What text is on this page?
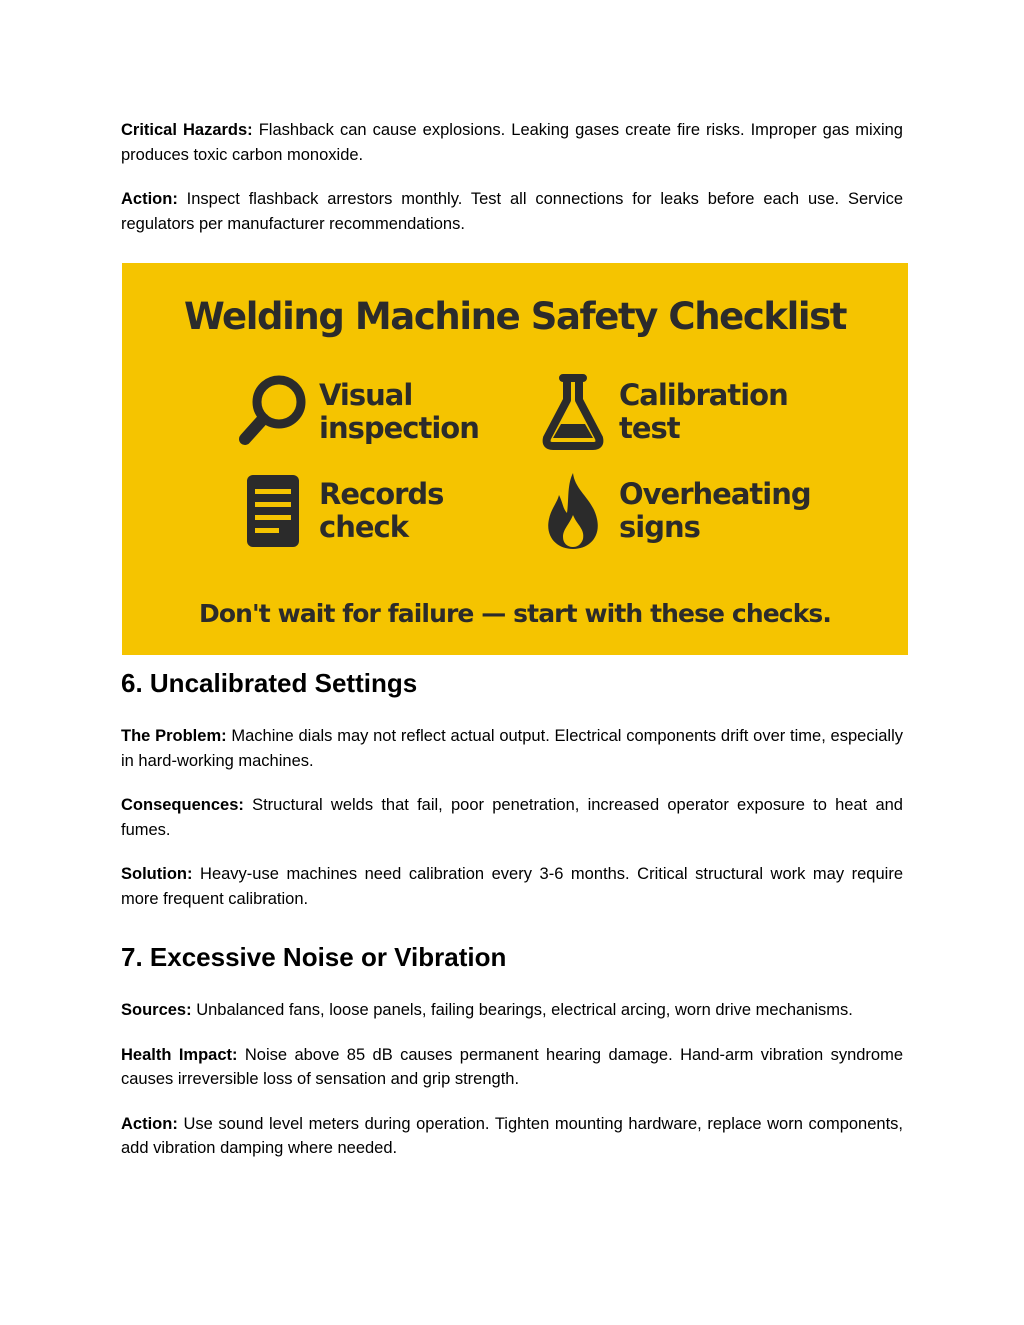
Critical Hazards: Flashback can cause explosions. Leaking gases create fire risks. Improper gas mixing produces toxic carbon monoxide.

Action: Inspect flashback arrestors monthly. Test all connections for leaks before each use. Service regulators per manufacturer recommendations.

Welding Machine Safety Checklist
Visual
inspection
Calibration
test
Records
check
Overheating
signs
Don't wait for failure — start with these checks.
6. Uncalibrated Settings

The Problem: Machine dials may not reflect actual output. Electrical components drift over time, especially in hard-working machines.

Consequences: Structural welds that fail, poor penetration, increased operator exposure to heat and fumes.

Solution: Heavy-use machines need calibration every 3-6 months. Critical structural work may require more frequent calibration.

7. Excessive Noise or Vibration

Sources: Unbalanced fans, loose panels, failing bearings, electrical arcing, worn drive mechanisms.

Health Impact: Noise above 85 dB causes permanent hearing damage. Hand-arm vibration syndrome causes irreversible loss of sensation and grip strength.

Action: Use sound level meters during operation. Tighten mounting hardware, replace worn components, add vibration damping where needed.
